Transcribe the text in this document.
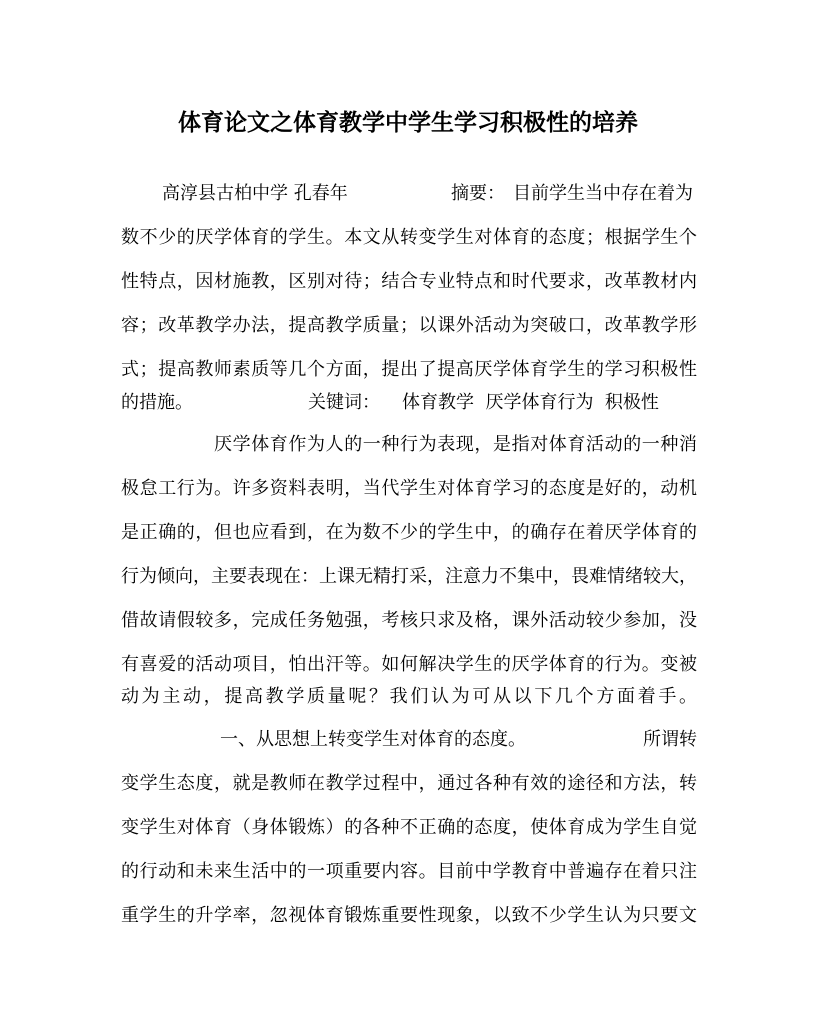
体育论文之体育教学中学生学习积极性的培养
高淳县古柏中学 孔春年	摘要： 目前学生当中存在着为
数不少的厌学体育的学生。本文从转变学生对体育的态度；根据学生个
性特点，因材施教，区别对待；结合专业特点和时代要求，改革教材内
容；改革教学办法，提高教学质量；以课外活动为突破口，改革教学形
式；提高教师素质等几个方面，提出了提高厌学体育学生的学习积极性
的措施。	关键词： 体育教学  厌学体育行为  积极性
厌学体育作为人的一种行为表现，是指对体育活动的一种消
极怠工行为。许多资料表明，当代学生对体育学习的态度是好的，动机
是正确的，但也应看到，在为数不少的学生中，的确存在着厌学体育的
行为倾向，主要表现在：上课无精打采，注意力不集中，畏难情绪较大，
借故请假较多，完成任务勉强，考核只求及格，课外活动较少参加，没
有喜爱的活动项目，怕出汗等。如何解决学生的厌学体育的行为。变被
动为主动，提高教学质量呢？我们认为可从以下几个方面着手。
一、从思想上转变学生对体育的态度。	所谓转
变学生态度，就是教师在教学过程中，通过各种有效的途径和方法，转
变学生对体育（身体锻炼）的各种不正确的态度，使体育成为学生自觉
的行动和未来生活中的一项重要内容。目前中学教育中普遍存在着只注
重学生的升学率，忽视体育锻炼重要性现象，以致不少学生认为只要文
